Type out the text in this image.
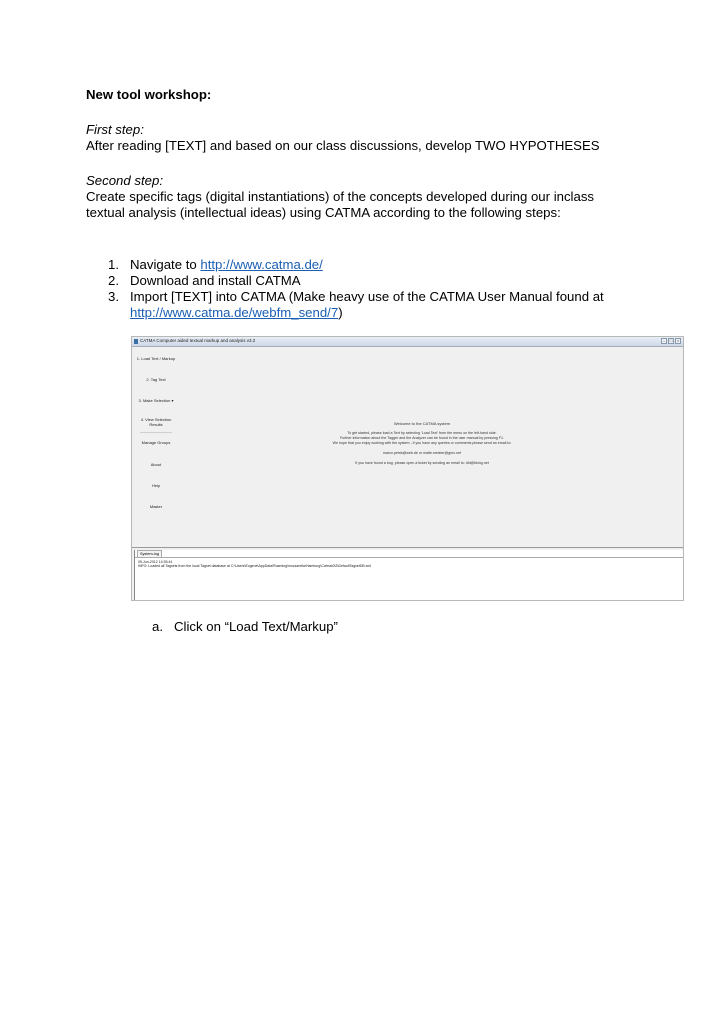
New tool workshop:
First step:
After reading [TEXT] and based on our class discussions, develop TWO HYPOTHESES
Second step:
Create specific tags (digital instantiations) of the concepts developed during our inclass
textual analysis (intellectual ideas) using CATMA according to the following steps:
1. Navigate to http://www.catma.de/
2. Download and install CATMA
3. Import [TEXT] into CATMA (Make heavy use of the CATMA User Manual found at
http://www.catma.de/webfm_send/7)
CATMA Computer aided textual markup and analysis v3.2	–	□	×
1. Load Text / Markup
2. Tag Text
3. Make Selection ▾
4. View Selection
Results
Manage Groups
About
Help
Master
Welcome to the CATMA system
To get started, please load a Text by selecting 'Load Text' from the menu on the left-hand side.
Further information about the Tagger and the Analyzer can be found in the user manual by pressing F1.
We hope that you enjoy working with the system - if you have any queries or comments please send an email to:
marco.petris@web.de or malte.meister@gmx.net
If you have found a bug, please open a ticket by sending an email to: dhl@bking.net
System-log
05-Jun-2012 14:35:44
INFO: Loaded all Tagsets from the local Tagset database at C:\Users\Eugene\AppData\Roaming\mozzarella\Hamburg\Catma\0\3\DefaultTagsetDB.xml
a. Click on “Load Text/Markup”
